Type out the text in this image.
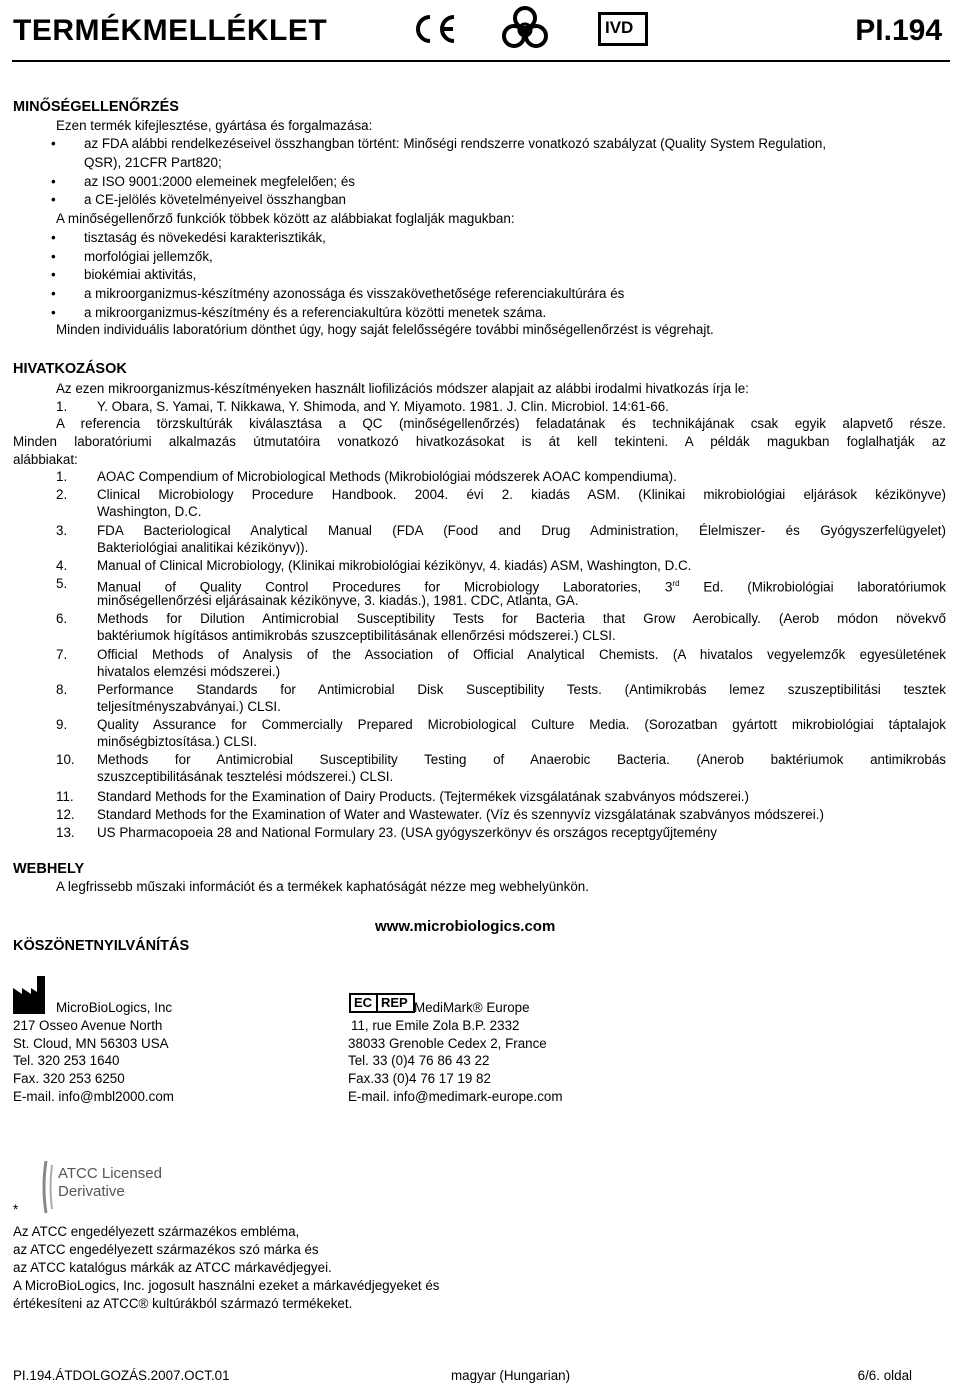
TERMÉKMELLÉKLET	IVD	PI.194
MINŐSÉGELLENŐRZÉS
Ezen termék kifejlesztése, gyártása és forgalmazása:
• az FDA alábbi rendelkezéseivel összhangban történt: Minőségi rendszerre vonatkozó szabályzat (Quality System Regulation,
QSR), 21CFR Part820;
• az ISO 9001:2000 elemeinek megfelelően; és
• a CE-jelölés követelményeivel összhangban
A minőségellenőrző funkciók többek között az alábbiakat foglalják magukban:
• tisztaság és növekedési karakterisztikák,
• morfológiai jellemzők,
• biokémiai aktivitás,
• a mikroorganizmus-készítmény azonossága és visszakövethetősége referenciakultúrára és
• a mikroorganizmus-készítmény és a referenciakultúra közötti menetek száma.
Minden individuális laboratórium dönthet úgy, hogy saját felelősségére további minőségellenőrzést is végrehajt.
HIVATKOZÁSOK
Az ezen mikroorganizmus-készítményeken használt liofilizációs módszer alapjait az alábbi irodalmi hivatkozás írja le:
1. Y. Obara, S. Yamai, T. Nikkawa, Y. Shimoda, and Y. Miyamoto. 1981. J. Clin. Microbiol. 14:61-66.
A referencia törzskultúrák kiválasztása a QC (minőségellenőrzés) feladatának és technikájának csak egyik alapvető része.
Minden laboratóriumi alkalmazás útmutatóira vonatkozó hivatkozásokat is át kell tekinteni. A példák magukban foglalhatják az
alábbiakat:
1. AOAC Compendium of Microbiological Methods (Mikrobiológiai módszerek AOAC kompendiuma).
2. Clinical Microbiology Procedure Handbook. 2004. évi 2. kiadás ASM. (Klinikai mikrobiológiai eljárások kézikönyve)
Washington, D.C.
3. FDA Bacteriological Analytical Manual (FDA (Food and Drug Administration, Élelmiszer- és Gyógyszerfelügyelet)
Bakteriológiai analitikai kézikönyv)).
4. Manual of Clinical Microbiology, (Klinikai mikrobiológiai kézikönyv, 4. kiadás) ASM, Washington, D.C.
5. Manual of Quality Control Procedures for Microbiology Laboratories, 3rd Ed. (Mikrobiológiai laboratóriumok
minőségellenőrzési eljárásainak kézikönyve, 3. kiadás.), 1981. CDC, Atlanta, GA.
6. Methods for Dilution Antimicrobial Susceptibility Tests for Bacteria that Grow Aerobically. (Aerob módon növekvő
baktériumok hígításos antimikrobás szuszceptibilitásának ellenőrzési módszerei.) CLSI.
7. Official Methods of Analysis of the Association of Official Analytical Chemists. (A hivatalos vegyelemzők egyesületének
hivatalos elemzési módszerei.)
8. Performance Standards for Antimicrobial Disk Susceptibility Tests. (Antimikrobás lemez szuszeptibilitási tesztek
teljesítményszabványai.) CLSI.
9. Quality Assurance for Commercially Prepared Microbiological Culture Media. (Sorozatban gyártott mikrobiológiai táptalajok
minőségbiztosítása.) CLSI.
10. Methods for Antimicrobial Susceptibility Testing of Anaerobic Bacteria. (Anerob baktériumok antimikrobás
szuszceptibilitásának tesztelési módszerei.) CLSI.
11. Standard Methods for the Examination of Dairy Products. (Tejtermékek vizsgálatának szabványos módszerei.)
12. Standard Methods for the Examination of Water and Wastewater. (Víz és szennyvíz vizsgálatának szabványos módszerei.)
13. US Pharmacopoeia 28 and National Formulary 23. (USA gyógyszerkönyv és országos receptgyűjtemény
WEBHELY
A legfrissebb műszaki információt és a termékek kaphatóságát nézze meg webhelyünkön.
www.microbiologics.com
KÖSZÖNETNYILVÁNÍTÁS
MicroBioLogics, Inc
217 Osseo Avenue North
St. Cloud, MN 56303 USA
Tel. 320 253 1640
Fax. 320 253 6250
E-mail. info@mbl2000.com
EC REP MediMark® Europe
11, rue Emile Zola B.P. 2332
38033 Grenoble Cedex 2, France
Tel. 33 (0)4 76 86 43 22
Fax.33 (0)4 76 17 19 82
E-mail. info@medimark-europe.com
ATCC Licensed
Derivative
*
Az ATCC engedélyezett származékos embléma,
az ATCC engedélyezett származékos szó márka és
az ATCC katalógus márkák az ATCC márkavédjegyei.
A MicroBioLogics, Inc. jogosult használni ezeket a márkavédjegyeket és
értékesíteni az ATCC® kultúrákból származó termékeket.
PI.194.ÁTDOLGOZÁS.2007.OCT.01	magyar (Hungarian)	6/6. oldal
